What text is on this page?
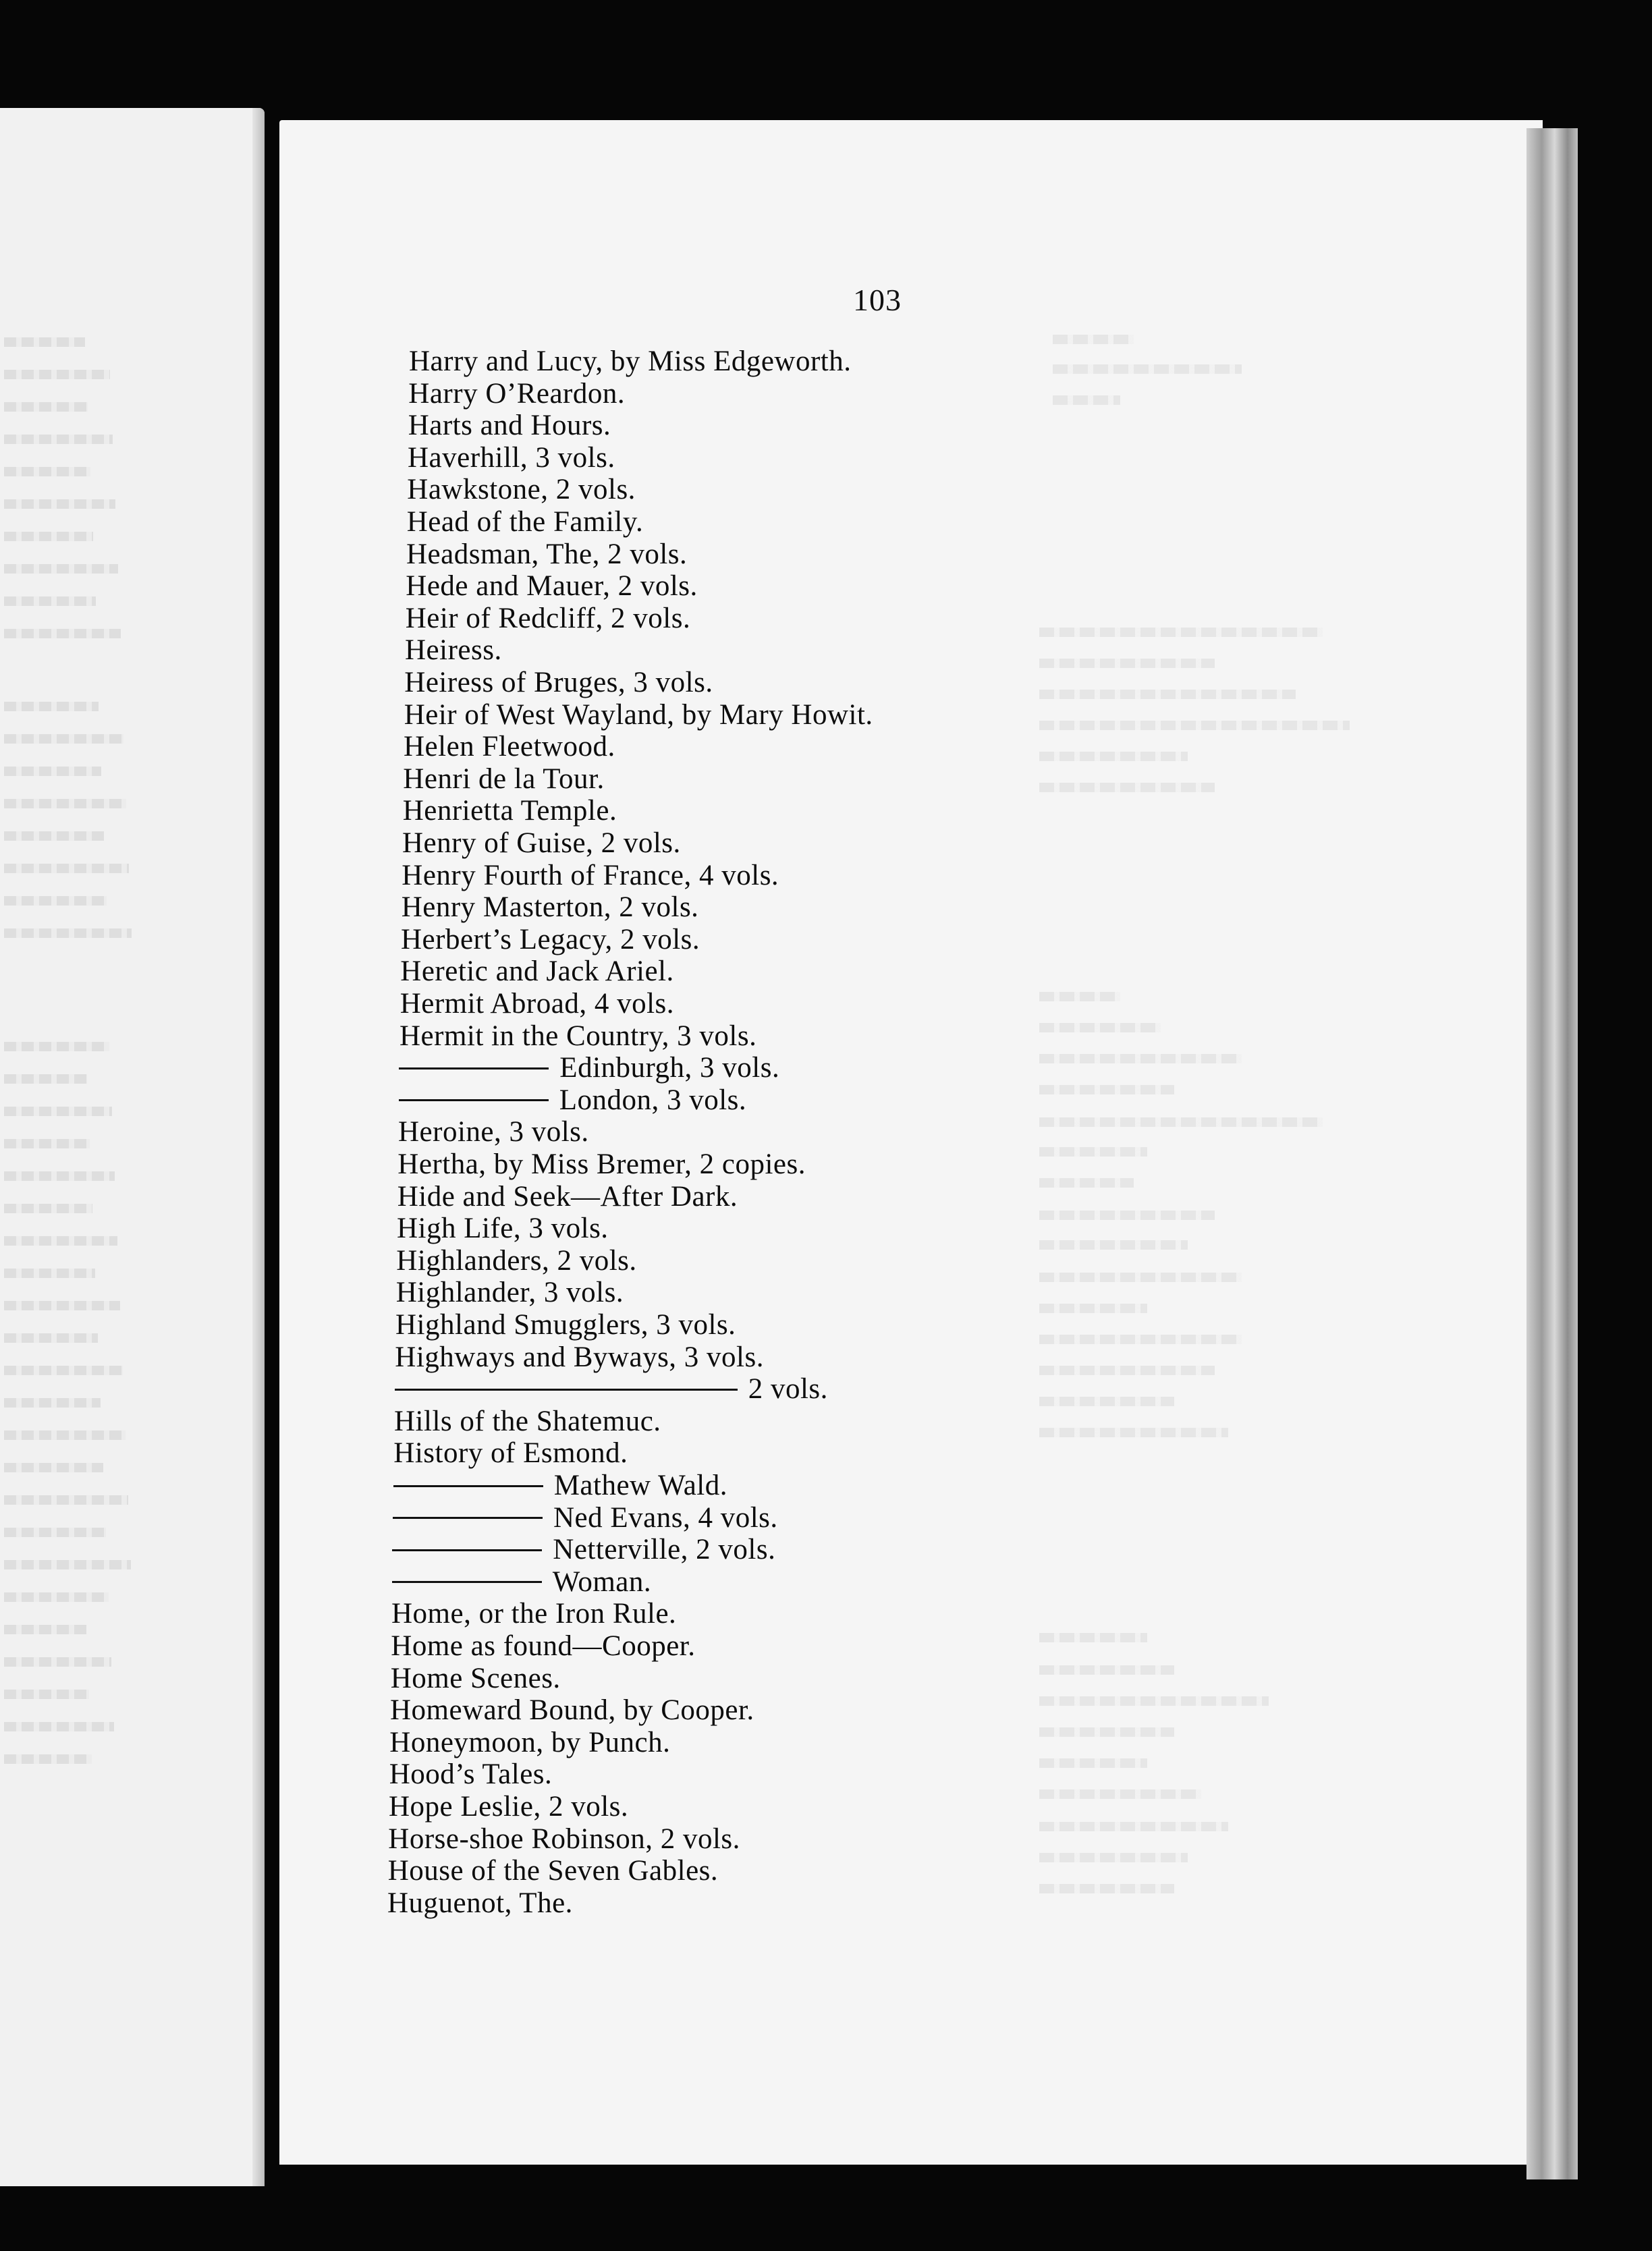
103
Harry and Lucy, by Miss Edgeworth.
Harry O’Reardon.
Harts and Hours.
Haverhill, 3 vols.
Hawkstone, 2 vols.
Head of the Family.
Headsman, The, 2 vols.
Hede and Mauer, 2 vols.
Heir of Redcliff, 2 vols.
Heiress.
Heiress of Bruges, 3 vols.
Heir of West Wayland, by Mary Howit.
Helen Fleetwood.
Henri de la Tour.
Henrietta Temple.
Henry of Guise, 2 vols.
Henry Fourth of France, 4 vols.
Henry Masterton, 2 vols.
Herbert’s Legacy, 2 vols.
Heretic and Jack Ariel.
Hermit Abroad, 4 vols.
Hermit in the Country, 3 vols.
Edinburgh, 3 vols.
London, 3 vols.
Heroine, 3 vols.
Hertha, by Miss Bremer, 2 copies.
Hide and Seek—After Dark.
High Life, 3 vols.
Highlanders, 2 vols.
Highlander, 3 vols.
Highland Smugglers, 3 vols.
Highways and Byways, 3 vols.
2 vols.
Hills of the Shatemuc.
History of Esmond.
Mathew Wald.
Ned Evans, 4 vols.
Netterville, 2 vols.
Woman.
Home, or the Iron Rule.
Home as found—Cooper.
Home Scenes.
Homeward Bound, by Cooper.
Honeymoon, by Punch.
Hood’s Tales.
Hope Leslie, 2 vols.
Horse-shoe Robinson, 2 vols.
House of the Seven Gables.
Huguenot, The.
